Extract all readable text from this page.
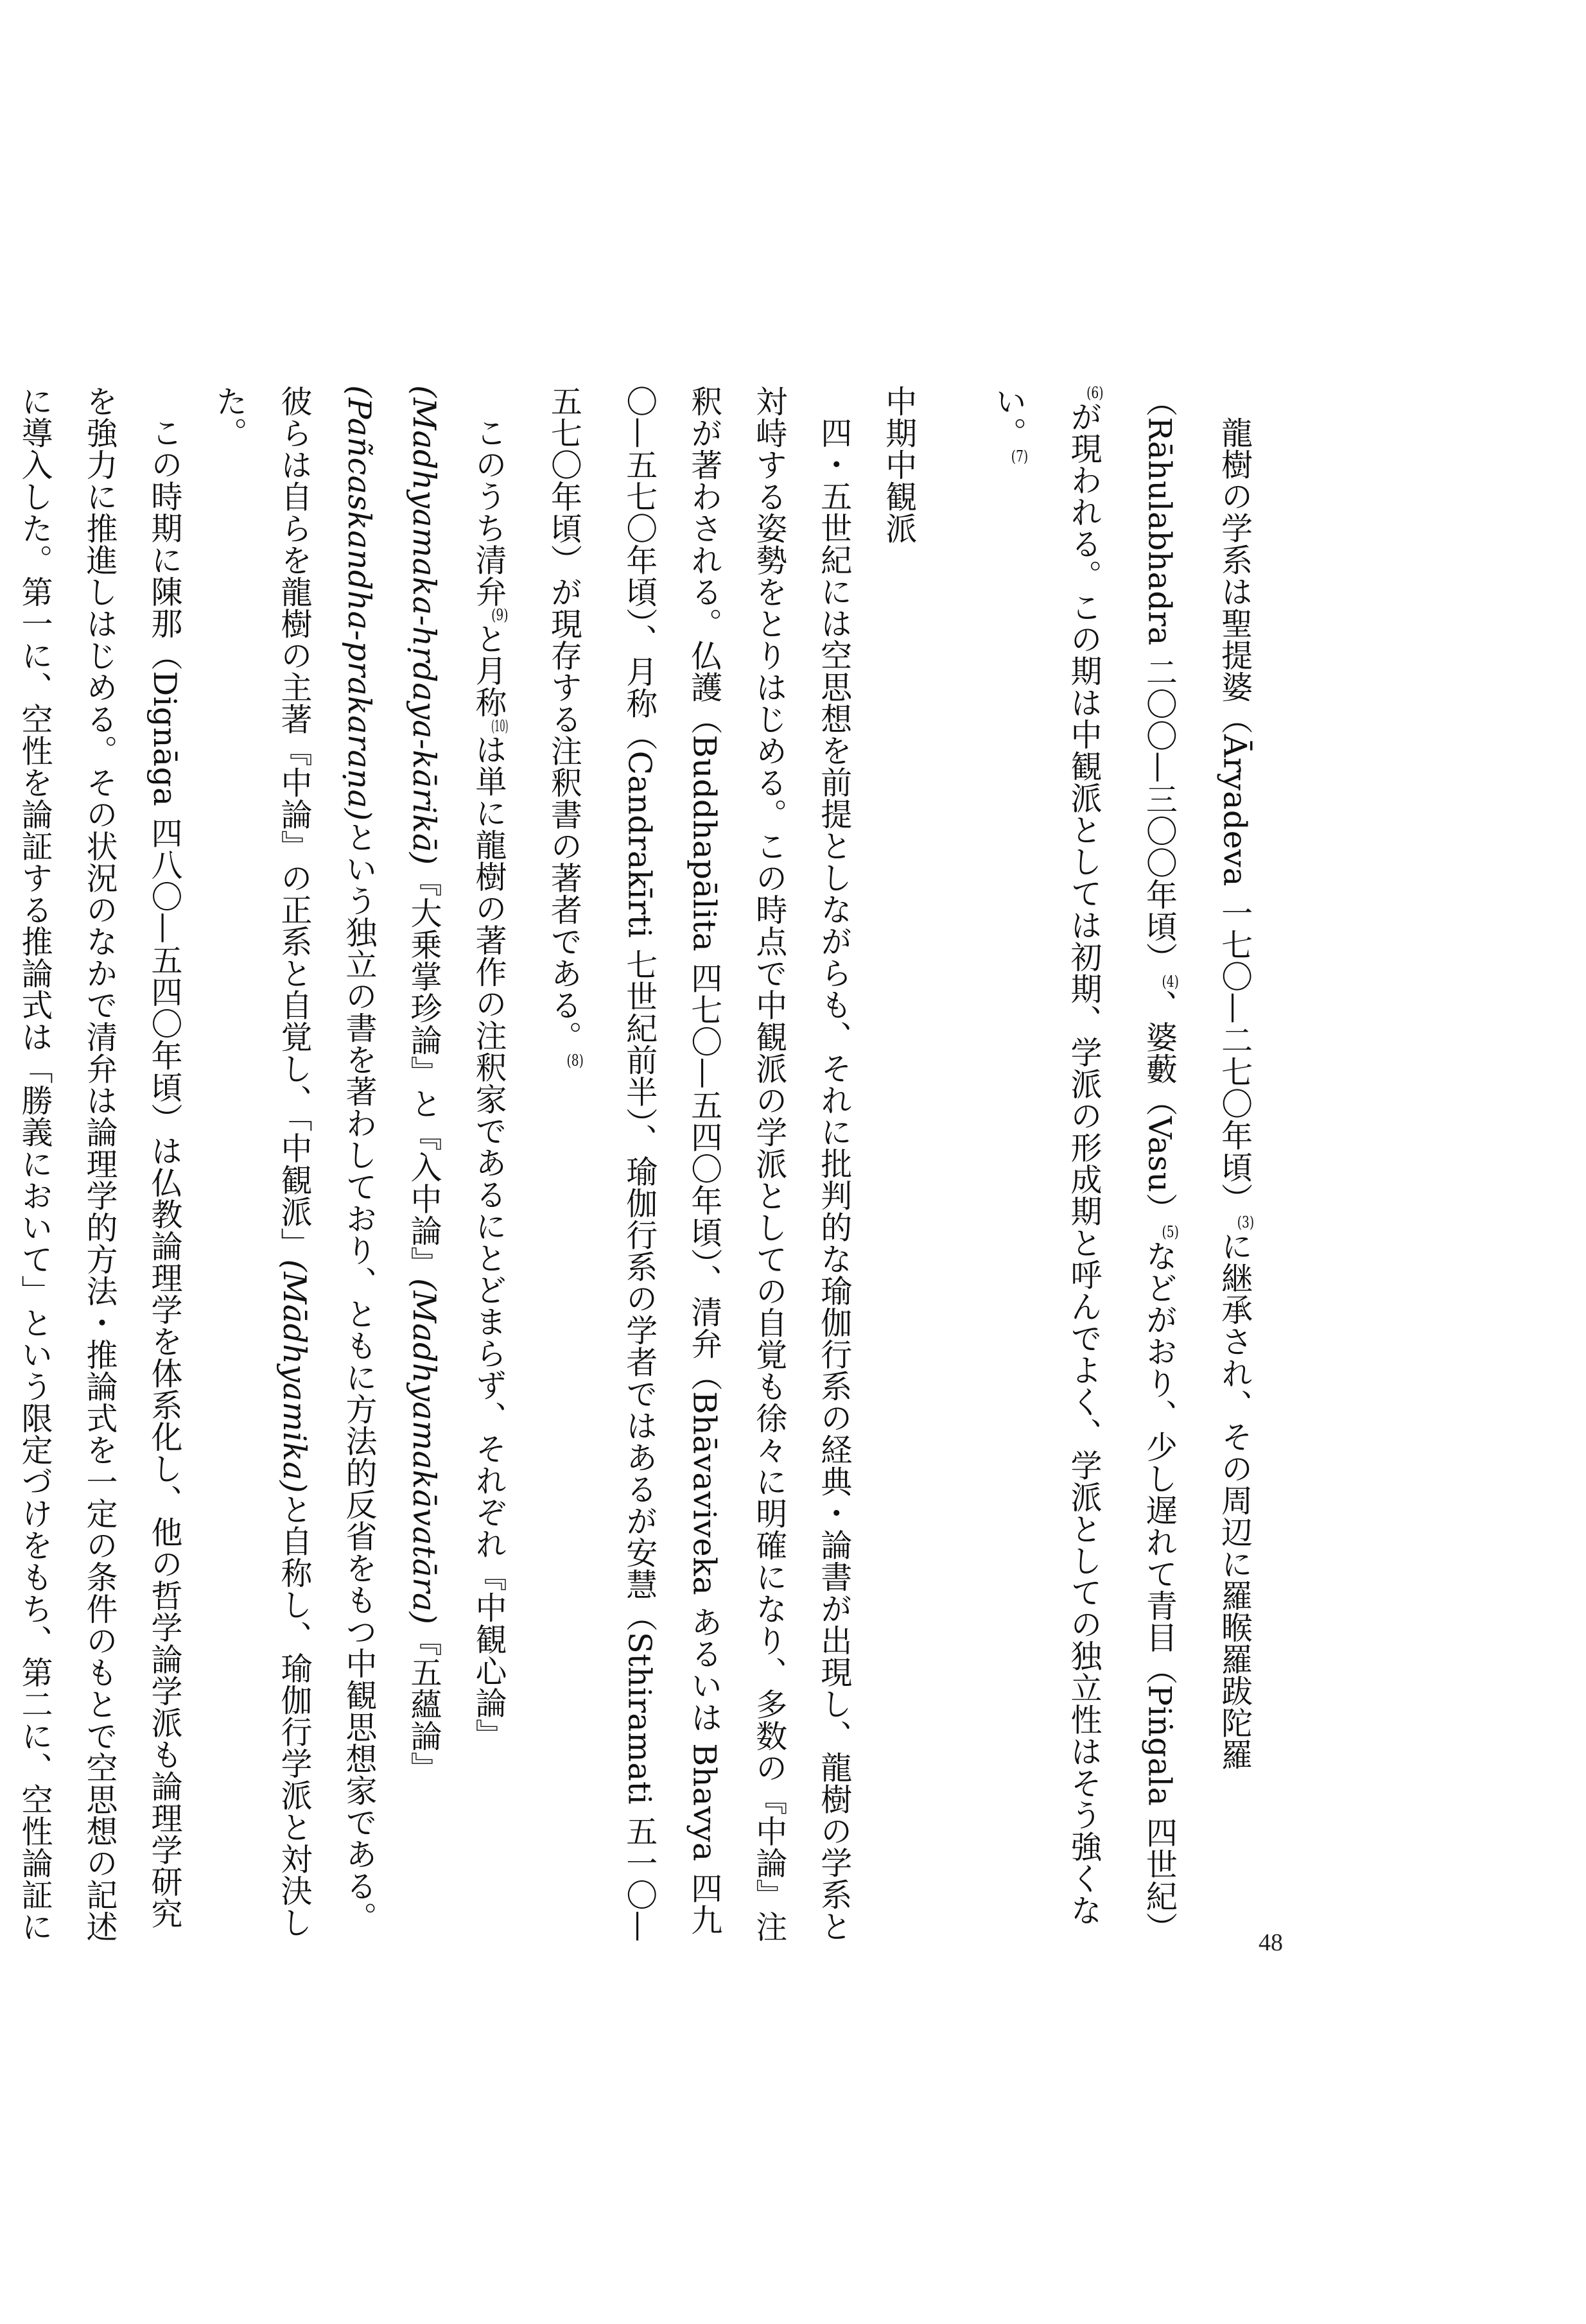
龍樹の学系は聖提婆（Āryadeva 一七〇—二七〇年頃）$^{(3)}$に継承され、その周辺に羅睺羅跋陀羅（Rāhulabhadra 二〇〇—三〇〇年頃）$^{(4)}$、婆藪（Vasu）$^{(5)}$などがおり、少し遅れて青目（Piṅgala 四世紀）$^{(6)}$が現われる。この期は中観派としては初期、学派の形成期と呼んでよく、学派としての独立性はそう強くない。$^{(7)}$

中期中観派

四・五世紀には空思想を前提としながらも、それに批判的な瑜伽行系の経典・論書が出現し、龍樹の学系と対峙する姿勢をとりはじめる。この時点で中観派の学派としての自覚も徐々に明確になり、多数の『中論』注釈が著わされる。仏護（Buddhapālita 四七〇—五四〇年頃）、清弁（Bhāvaviveka あるいは Bhavya 四九〇—五七〇年頃）、月称（Candrakīrti 七世紀前半）、瑜伽行系の学者ではあるが安慧（Sthiramati 五一〇—五七〇年頃）が現存する注釈書の著者である。$^{(8)}$

このうち清弁$^{(9)}$と月称$^{(10)}$は単に龍樹の著作の注釈家であるにとどまらず、それぞれ『中観心論』(Madhyamaka-hṛdaya-kārikā)『大乗掌珍論』と『入中論』(Madhyamakāvatāra)『五蘊論』(Pañcaskandha-prakaraṇa)という独立の書を著わしており、ともに方法的反省をもつ中観思想家である。彼らは自らを龍樹の主著『中論』の正系と自覚し、「中観派」(Mādhyamika)と自称し、瑜伽行学派と対決した。

この時期に陳那（Dignāga 四八〇—五四〇年頃）は仏教論理学を体系化し、他の哲学論学派も論理学研究を強力に推進しはじめる。その状況のなかで清弁は論理学的方法・推論式を一定の条件のもとで空思想の記述に導入した。第一に、空性を論証する推論式は「勝義において」という限定づけをもち、第二に、空性論証に

48
